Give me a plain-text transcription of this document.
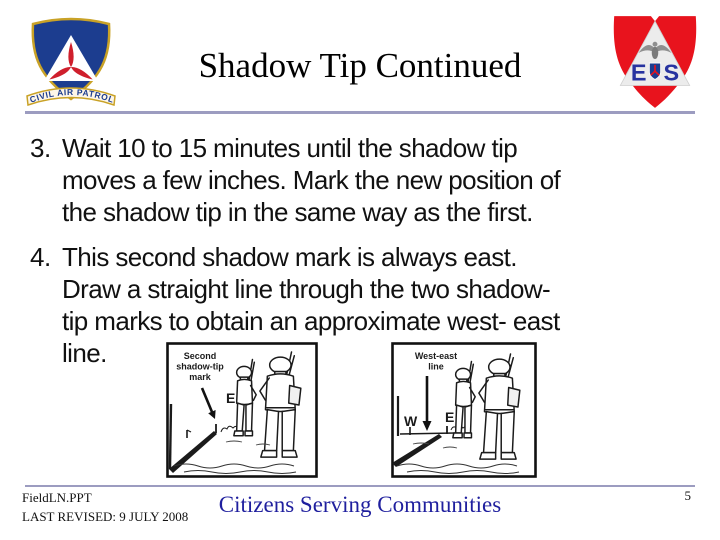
CIVIL AIR PATROL
Shadow Tip Continued	E S
3. Wait 10 to 15 minutes until the shadow tip
moves a few inches. Mark the new position of
the shadow tip in the same way as the first.
4. This second shadow mark is always east.
Draw a straight line through the two shadow-
tip marks to obtain an approximate west- east
line.	Second
shadow-tip
mark
E
West-east
line
W E
FieldLN.PPT
LAST REVISED: 9 JULY 2008	Citizens Serving Communities	5
